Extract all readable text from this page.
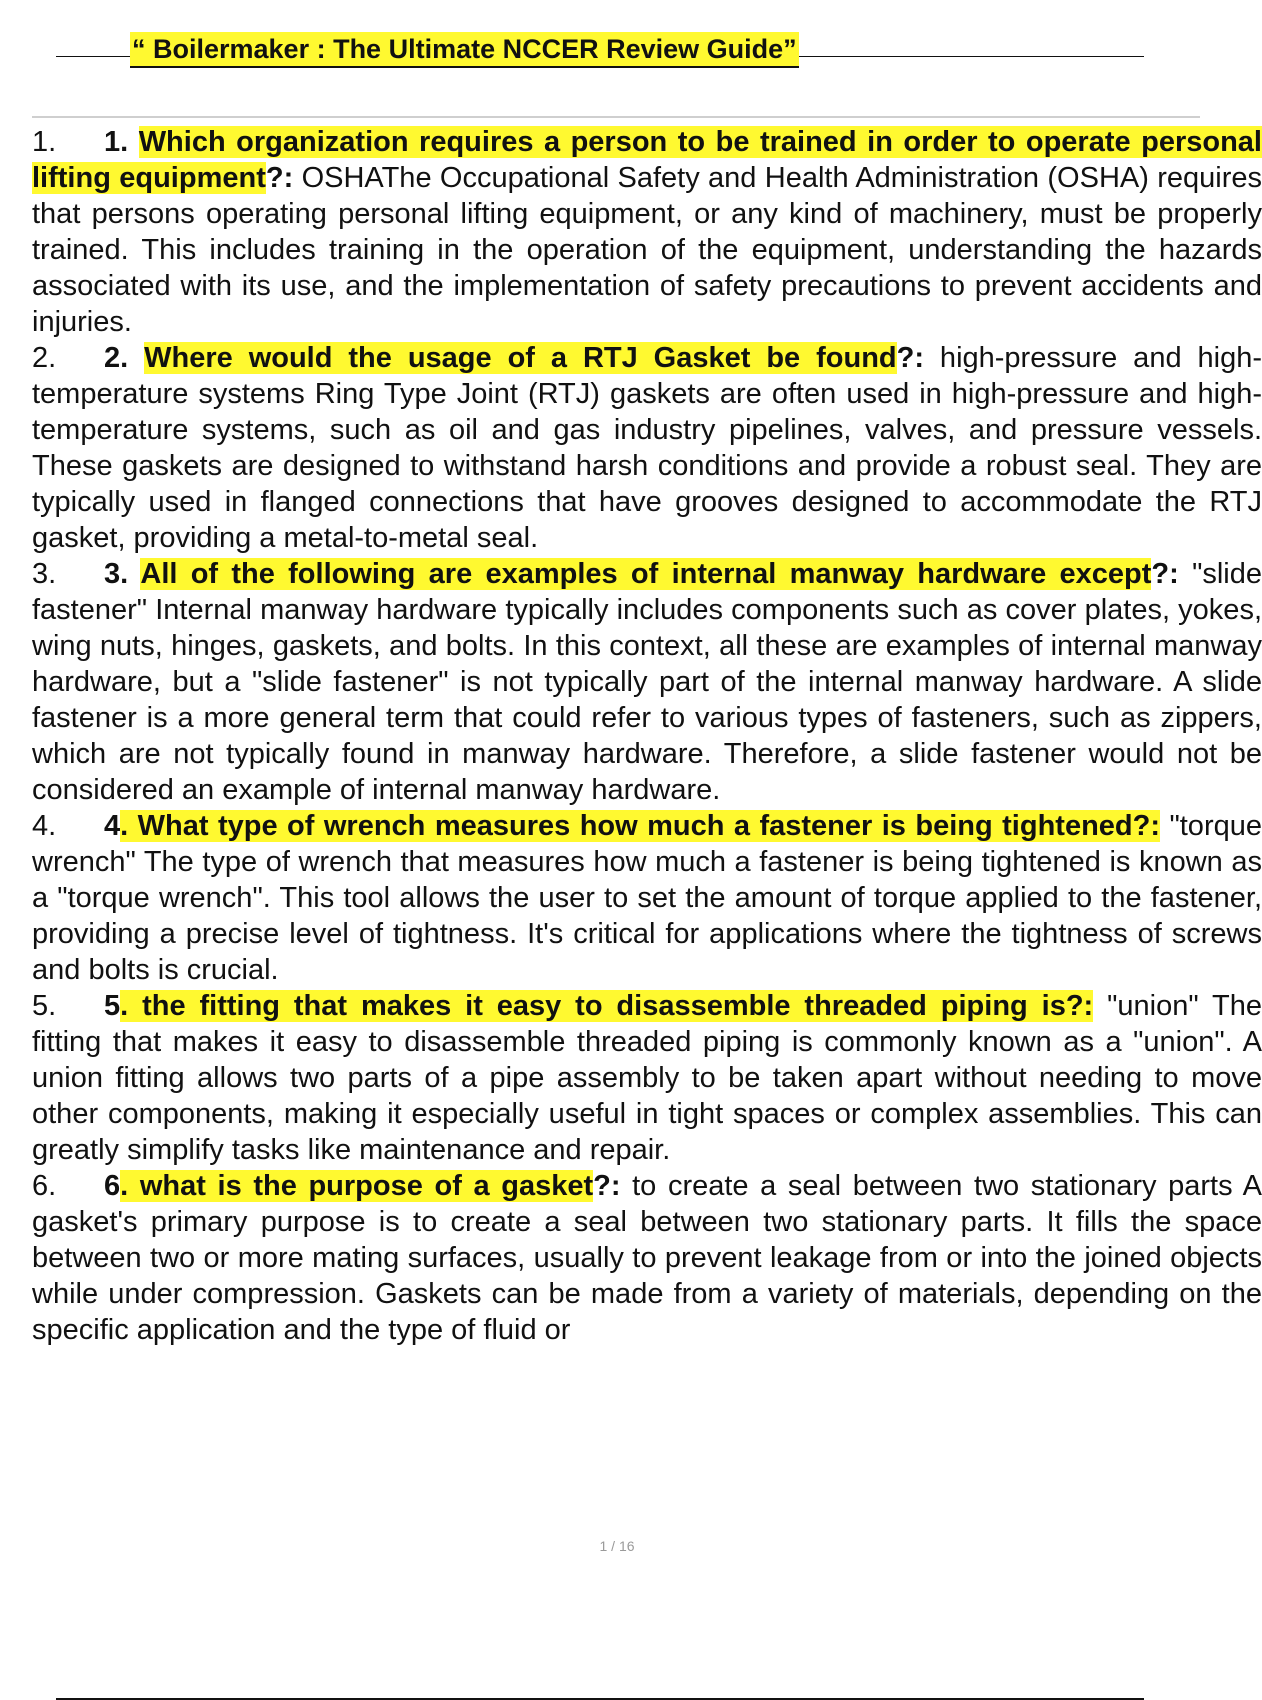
“ Boilermaker : The Ultimate NCCER Review Guide”

1. 1. Which organization requires a person to be trained in order to operate personal lifting equipment?: OSHAThe Occupational Safety and Health Administration (OSHA) requires that persons operating personal lifting equipment, or any kind of machinery, must be properly trained. This includes training in the operation of the equipment, understanding the hazards associated with its use, and the implementation of safety precautions to prevent accidents and injuries.

2. 2. Where would the usage of a RTJ Gasket be found?: high-pressure and high-temperature systems Ring Type Joint (RTJ) gaskets are often used in high-pressure and high-temperature systems, such as oil and gas industry pipelines, valves, and pressure vessels. These gaskets are designed to withstand harsh conditions and provide a robust seal. They are typically used in flanged connections that have grooves designed to accommodate the RTJ gasket, providing a metal-to-metal seal.

3. 3. All of the following are examples of internal manway hardware except?: "slide fastener" Internal manway hardware typically includes components such as cover plates, yokes, wing nuts, hinges, gaskets, and bolts. In this context, all these are examples of internal manway hardware, but a "slide fastener" is not typically part of the internal manway hardware. A slide fastener is a more general term that could refer to various types of fasteners, such as zippers, which are not typically found in manway hardware. Therefore, a slide fastener would not be considered an example of internal manway hardware.

4. 4. What type of wrench measures how much a fastener is being tightened?: "torque wrench" The type of wrench that measures how much a fastener is being tightened is known as a "torque wrench". This tool allows the user to set the amount of torque applied to the fastener, providing a precise level of tightness. It's critical for applications where the tightness of screws and bolts is crucial.

5. 5. the fitting that makes it easy to disassemble threaded piping is?: "union" The fitting that makes it easy to disassemble threaded piping is commonly known as a "union". A union fitting allows two parts of a pipe assembly to be taken apart without needing to move other components, making it especially useful in tight spaces or complex assemblies. This can greatly simplify tasks like maintenance and repair.

6. 6. what is the purpose of a gasket?: to create a seal between two stationary parts A gasket's primary purpose is to create a seal between two stationary parts. It fills the space between two or more mating surfaces, usually to prevent leakage from or into the joined objects while under compression. Gaskets can be made from a variety of materials, depending on the specific application and the type of fluid or

1 / 16
